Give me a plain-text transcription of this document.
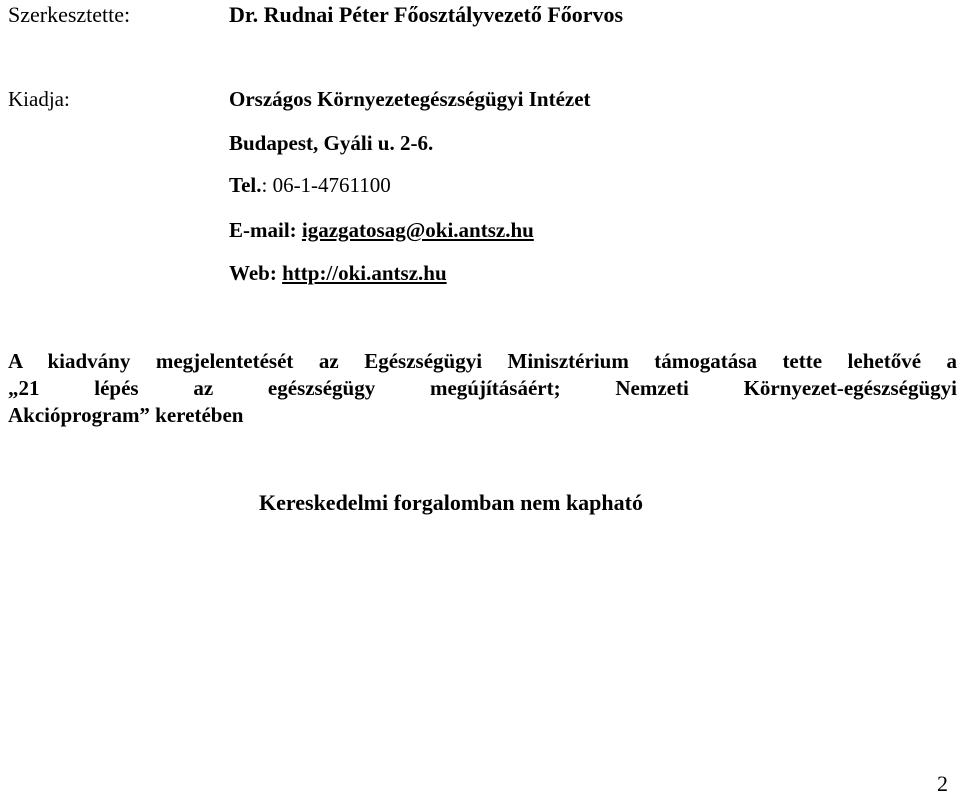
Szerkesztette:	Dr. Rudnai Péter Főosztályvezető Főorvos
Kiadja:	Országos Környezetegészségügyi Intézet
Budapest, Gyáli u. 2-6.
Tel.: 06-1-4761100
E-mail: igazgatosag@oki.antsz.hu
Web: http://oki.antsz.hu
A kiadvány megjelentetését az Egészségügyi Minisztérium támogatása tette lehetővé a
„21 lépés az egészségügy megújításáért; Nemzeti Környezet-egészségügyi
Akcióprogram” keretében
Kereskedelmi forgalomban nem kapható
2
